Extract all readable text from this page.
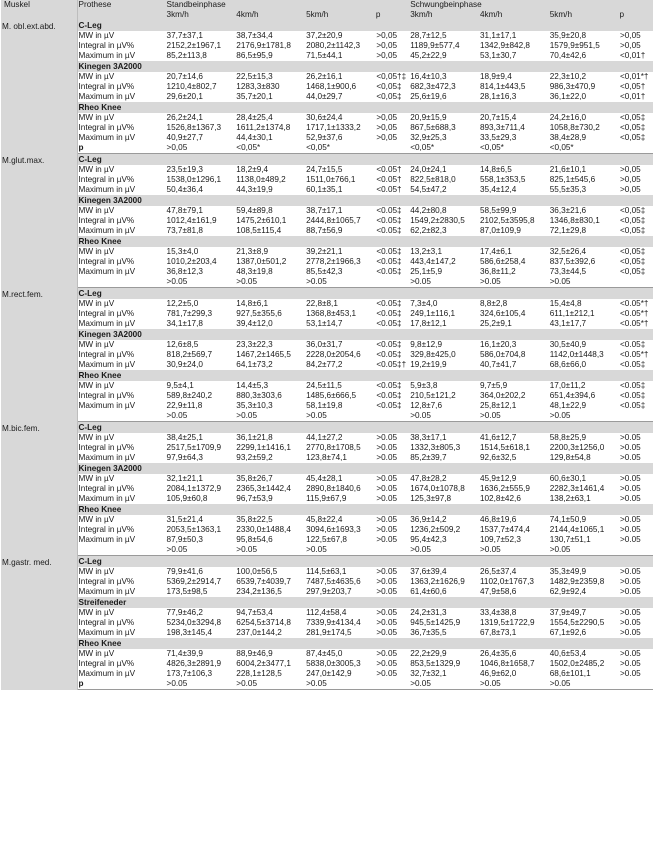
Muskel	Prothese	Standbeinphase				Schwungbeinphase			
		3km/h	4km/h	5km/h	p	3km/h	4km/h	5km/h	p
M. obl.ext.abd.	C-Leg								
	MW in µV	37,7±37,1	38,7±34,4	37,2±20,9	>0,05	28,7±12,5	31,1±17,1	35,9±20,8	>0,05
	Integral in µV%	2152,2±1967,1	2176,9±1781,8	2080,2±1142,3	>0,05	1189,9±577,4	1342,9±842,8	1579,9±951,5	>0,05
	Maximum in µV	85,2±113,8	86,5±95,9	71,5±44,1	>0,05	45,2±22,9	53,1±30,7	70,4±42,6	<0,01†
	Kinegen 3A2000								
	MW in µV	20,7±14,6	22,5±15,3	26,2±16,1	<0,05†‡	16,4±10,3	18,9±9,4	22,3±10,2	<0,01*†
	Integral in µV%	1210,4±802,7	1283,3±830	1468,1±900,6	<0,05‡	682,3±472,3	814,1±443,5	986,3±470,9	<0,05†
	Maximum in µV	29,6±20,1	35,7±20,1	44,0±29,7	<0,05‡	25,6±19,6	28,1±16,3	36,1±22,0	<0,01†
	Rheo Knee								
	MW in µV	26,2±24,1	28,4±25,4	30,6±24,4	>0,05	20,9±15,9	20,7±15,4	24,2±16,0	<0,05‡
	Integral in µV%	1526,8±1367,3	1611,2±1374,8	1717,1±1333,2	>0,05	867,5±688,3	893,3±711,4	1058,8±730,2	<0,05‡
	Maximum in µV	40,9±27,7	44,4±30,1	52,9±37,6	>0,05	32,9±25,3	33,5±29,3	38,4±28,9	<0,05‡
	p	>0,05	<0,05*	<0,05*		<0,05*	<0,05*	<0,05*	
M.glut.max.	C-Leg								
	MW in µV	23,5±19,3	18,2±9,4	24,7±15,5	<0.05†	24,0±24,1	14,8±6,5	21,6±10,1	>0,05
	Integral in µV%	1538,0±1296,1	1138,0±489,2	1511,0±766,1	<0.05†	822,5±818,0	558,1±353,5	825,1±545,6	>0,05
	Maximum in µV	50,4±36,4	44,3±19,9	60,1±35,1	<0.05†	54,5±47,2	35,4±12,4	55,5±35,3	>0,05
	Kinegen 3A2000								
	MW in µV	47,8±79,1	59,4±89,8	38,7±17,1	<0.05‡	44,2±80,8	58,5±99,9	36,3±21,6	<0,05‡
	Integral in µV%	1012,4±161,9	1475,2±610,1	2444,8±1065,7	<0.05‡	1549,2±2830,5	2102,5±3595,8	1346,8±830,1	<0,05‡
	Maximum in µV	73,7±81,8	108,5±115,4	88,7±56,9	<0.05‡	62,2±82,3	87,0±109,9	72,1±29,8	<0,05‡
	Rheo Knee								
	MW in µV	15,3±4,0	21,3±8,9	39,2±21,1	<0.05‡	13,2±3,1	17,4±6,1	32,5±26,4	<0,05‡
	Integral in µV%	1010,2±203,4	1387,0±501,2	2778,2±1966,3	<0.05‡	443,4±147,2	586,6±258,4	837,5±392,6	<0,05‡
	Maximum in µV	36,8±12,3	48,3±19,8	85,5±42,3	<0.05‡	25,1±5,9	36,8±11,2	73,3±44,5	<0,05‡
		>0.05	>0.05	>0.05		>0.05	>0.05	>0.05	
M.rect.fem.	C-Leg								
	MW in µV	12,2±5,0	14,8±6,1	22,8±8,1	<0.05‡	7,3±4,0	8,8±2,8	15,4±4,8	<0.05*†
	Integral in µV%	781,7±299,3	927,5±355,6	1368,8±453,1	<0.05‡	249,1±116,1	324,6±105,4	611,1±212,1	<0.05*†
	Maximum in µV	34,1±17,8	39,4±12,0	53,1±14,7	<0.05‡	17,8±12,1	25,2±9,1	43,1±17,7	<0.05*†
	Kinegen 3A2000								
	MW in µV	12,6±8,5	23,3±22,3	36,0±31,7	<0.05‡	9,8±12,9	16,1±20,3	30,5±40,9	<0.05‡
	Integral in µV%	818,2±569,7	1467,2±1465,5	2228,0±2054,6	<0.05‡	329,8±425,0	586,0±704,8	1142,0±1448,3	<0.05*†
	Maximum in µV	30,9±24,0	64,1±73,2	84,2±77,2	<0.05‡†	19,2±19,9	40,7±41,7	68,6±66,0	<0.05‡
	Rheo Knee								
	MW in µV	9,5±4,1	14,4±5,3	24,5±11,5	<0.05‡	5,9±3,8	9,7±5,9	17,0±11,2	<0.05‡
	Integral in µV%	589,8±240,2	880,3±303,6	1485,6±666,5	<0.05‡	210,5±121,2	364,0±202,2	651,4±394,6	<0.05‡
	Maximum in µV	22,9±11,8	35,3±10,3	58,1±19,8	<0.05‡	12,8±7,6	25,8±12,1	48,1±22,9	<0.05‡
		>0.05	>0.05	>0.05		>0.05	>0.05	>0.05	
M.bic.fem.	C-Leg								
	MW in µV	38,4±25,1	36,1±21,8	44,1±27,2	>0.05	38,3±17,1	41,6±12,7	58,8±25,9	>0.05
	Integral in µV%	2517,5±1709,9	2299,1±1416,1	2770,8±1708,5	>0.05	1332,3±805,3	1514,5±618,1	2200,3±1256,0	>0.05
	Maximum in µV	97,9±64,3	93,2±59,2	123,8±74,1	>0.05	85,2±39,7	92,6±32,5	129,8±54,8	>0.05
	Kinegen 3A2000								
	MW in µV	32,1±21,1	35,8±26,7	45,4±28,1	>0.05	47,8±28,2	45,9±12,9	60,6±30,1	>0.05
	Integral in µV%	2084,1±1372,9	2365,3±1442,4	2890,8±1840,6	>0.05	1674,0±1078,8	1636,2±555,9	2282,3±1461,4	>0.05
	Maximum in µV	105,9±60,8	96,7±53,9	115,9±67,9	>0.05	125,3±97,8	102,8±42,6	138,2±63,1	>0.05
	Rheo Knee								
	MW in µV	31,5±21,4	35,8±22,5	45,8±22,4	>0.05	36,9±14,2	46,8±19,6	74,1±50,9	>0.05
	Integral in µV%	2053,5±1363,1	2330,0±1488,4	3094,6±1693,3	>0.05	1236,2±509,2	1537,7±474,4	2144,4±1065,1	>0.05
	Maximum in µV	87,9±50,3	95,8±54,6	122,5±67,8	>0.05	95,4±42,3	109,7±52,3	130,7±51,1	>0.05
		>0.05	>0.05	>0.05		>0.05	>0.05	>0.05	
M.gastr. med.	C-Leg								
	MW in µV	79,9±41,6	100,0±56,5	114,5±63,1	>0.05	37,6±39,4	26,5±37,4	35,3±49,9	>0.05
	Integral in µV%	5369,2±2914,7	6539,7±4039,7	7487,5±4635,6	>0.05	1363,2±1626,9	1102,0±1767,3	1482,9±2359,8	>0.05
	Maximum in µV	173,5±98,5	234,2±136,5	297,9±203,7	>0.05	61,4±60,6	47,9±58,6	62,9±92,4	>0.05
	Streifeneder								
	MW in µV	77,9±46,2	94,7±53,4	112,4±58,4	>0.05	24,2±31,3	33,4±38,8	37,9±49,7	>0.05
	Integral in µV%	5234,0±3294,8	6254,5±3714,8	7339,9±4134,4	>0.05	945,5±1425,9	1319,5±1722,9	1554,5±2290,5	>0.05
	Maximum in µV	198,3±145,4	237,0±144,2	281,9±174,5	>0.05	36,7±35,5	67,8±73,1	67,1±92,6	>0.05
	Rheo Knee								
	MW in µV	71,4±39,9	88,9±46,9	87,4±45,0	>0.05	22,2±29,9	26,4±35,6	40,6±53,4	>0.05
	Integral in µV%	4826,3±2891,9	6004,2±3477,1	5838,0±3005,3	>0.05	853,5±1329,9	1046,8±1658,7	1502,0±2485,2	>0.05
	Maximum in µV	173,7±106,3	228,1±128,5	247,0±142,9	>0.05	32,7±32,1	46,9±62,0	68,6±101,1	>0.05
	p	>0.05	>0.05	>0.05		>0.05	>0.05	>0.05	
